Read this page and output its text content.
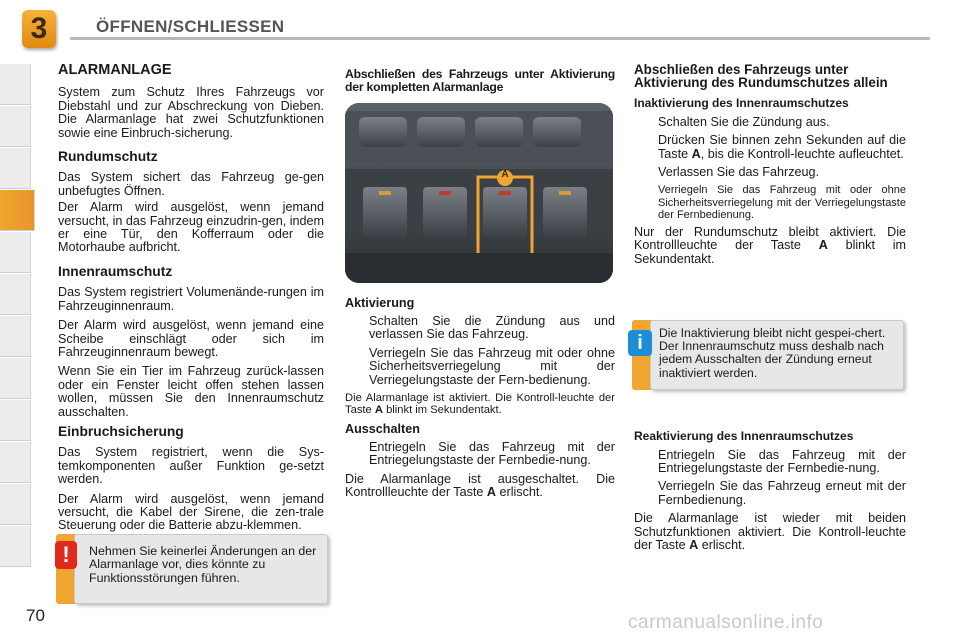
3	ÖFFNEN/SCHLIESSEN
ALARMANLAGE

System zum Schutz Ihres Fahrzeugs vor Diebstahl und zur Abschreckung von Dieben. Die Alarmanlage hat zwei Schutzfunktionen sowie eine Einbruch-sicherung.

Rundumschutz

Das System sichert das Fahrzeug ge-gen unbefugtes Öffnen.

Der Alarm wird ausgelöst, wenn jemand versucht, in das Fahrzeug einzudrin-gen, indem er eine Tür, den Kofferraum oder die Motorhaube aufbricht.

Innenraumschutz

Das System registriert Volumenände-rungen im Fahrzeuginnenraum.

Der Alarm wird ausgelöst, wenn jemand eine Scheibe einschlägt oder sich im Fahrzeuginnenraum bewegt.

Wenn Sie ein Tier im Fahrzeug zurück-lassen oder ein Fenster leicht offen stehen lassen wollen, müssen Sie den Innenraumschutz ausschalten.

Einbruchsicherung

Das System registriert, wenn die Sys-temkomponenten außer Funktion ge-setzt werden.

Der Alarm wird ausgelöst, wenn jemand versucht, die Kabel der Sirene, die zen-trale Steuerung oder die Batterie abzu-klemmen.

Nehmen Sie keinerlei Änderungen an der Alarmanlage vor, dies könnte zu Funktionsstörungen führen.
!
Abschließen des Fahrzeugs unter Aktivierung der kompletten Alarmanlage
A
Aktivierung
Schalten Sie die Zündung aus und verlassen Sie das Fahrzeug.
Verriegeln Sie das Fahrzeug mit oder ohne Sicherheitsverriegelung mit der Verriegelungstaste der Fern-bedienung.

Die Alarmanlage ist aktiviert. Die Kontroll-leuchte der Taste A blinkt im Sekundentakt.

Ausschalten
Entriegeln Sie das Fahrzeug mit der Entriegelungstaste der Fernbedie-nung.

Die Alarmanlage ist ausgeschaltet. Die Kontrollleuchte der Taste A erlischt.

Abschließen des Fahrzeugs unter Aktivierung des Rundumschutzes allein
Inaktivierung des Innenraumschutzes
Schalten Sie die Zündung aus.
Drücken Sie binnen zehn Sekunden auf die Taste A, bis die Kontroll-leuchte aufleuchtet.
Verlassen Sie das Fahrzeug.
Verriegeln Sie das Fahrzeug mit oder ohne Sicherheitsverriegelung mit der Verriegelungstaste der Fernbedienung.

Nur der Rundumschutz bleibt aktiviert. Die Kontrollleuchte der Taste A blinkt im Sekundentakt.

Die Inaktivierung bleibt nicht gespei-chert. Der Innenraumschutz muss deshalb nach jedem Ausschalten der Zündung erneut inaktiviert werden.
i
Reaktivierung des Innenraumschutzes
Entriegeln Sie das Fahrzeug mit der Entriegelungstaste der Fernbedie-nung.
Verriegeln Sie das Fahrzeug erneut mit der Fernbedienung.

Die Alarmanlage ist wieder mit beiden Schutzfunktionen aktiviert. Die Kontroll-leuchte der Taste A erlischt.

70	carmanualsonline.info
